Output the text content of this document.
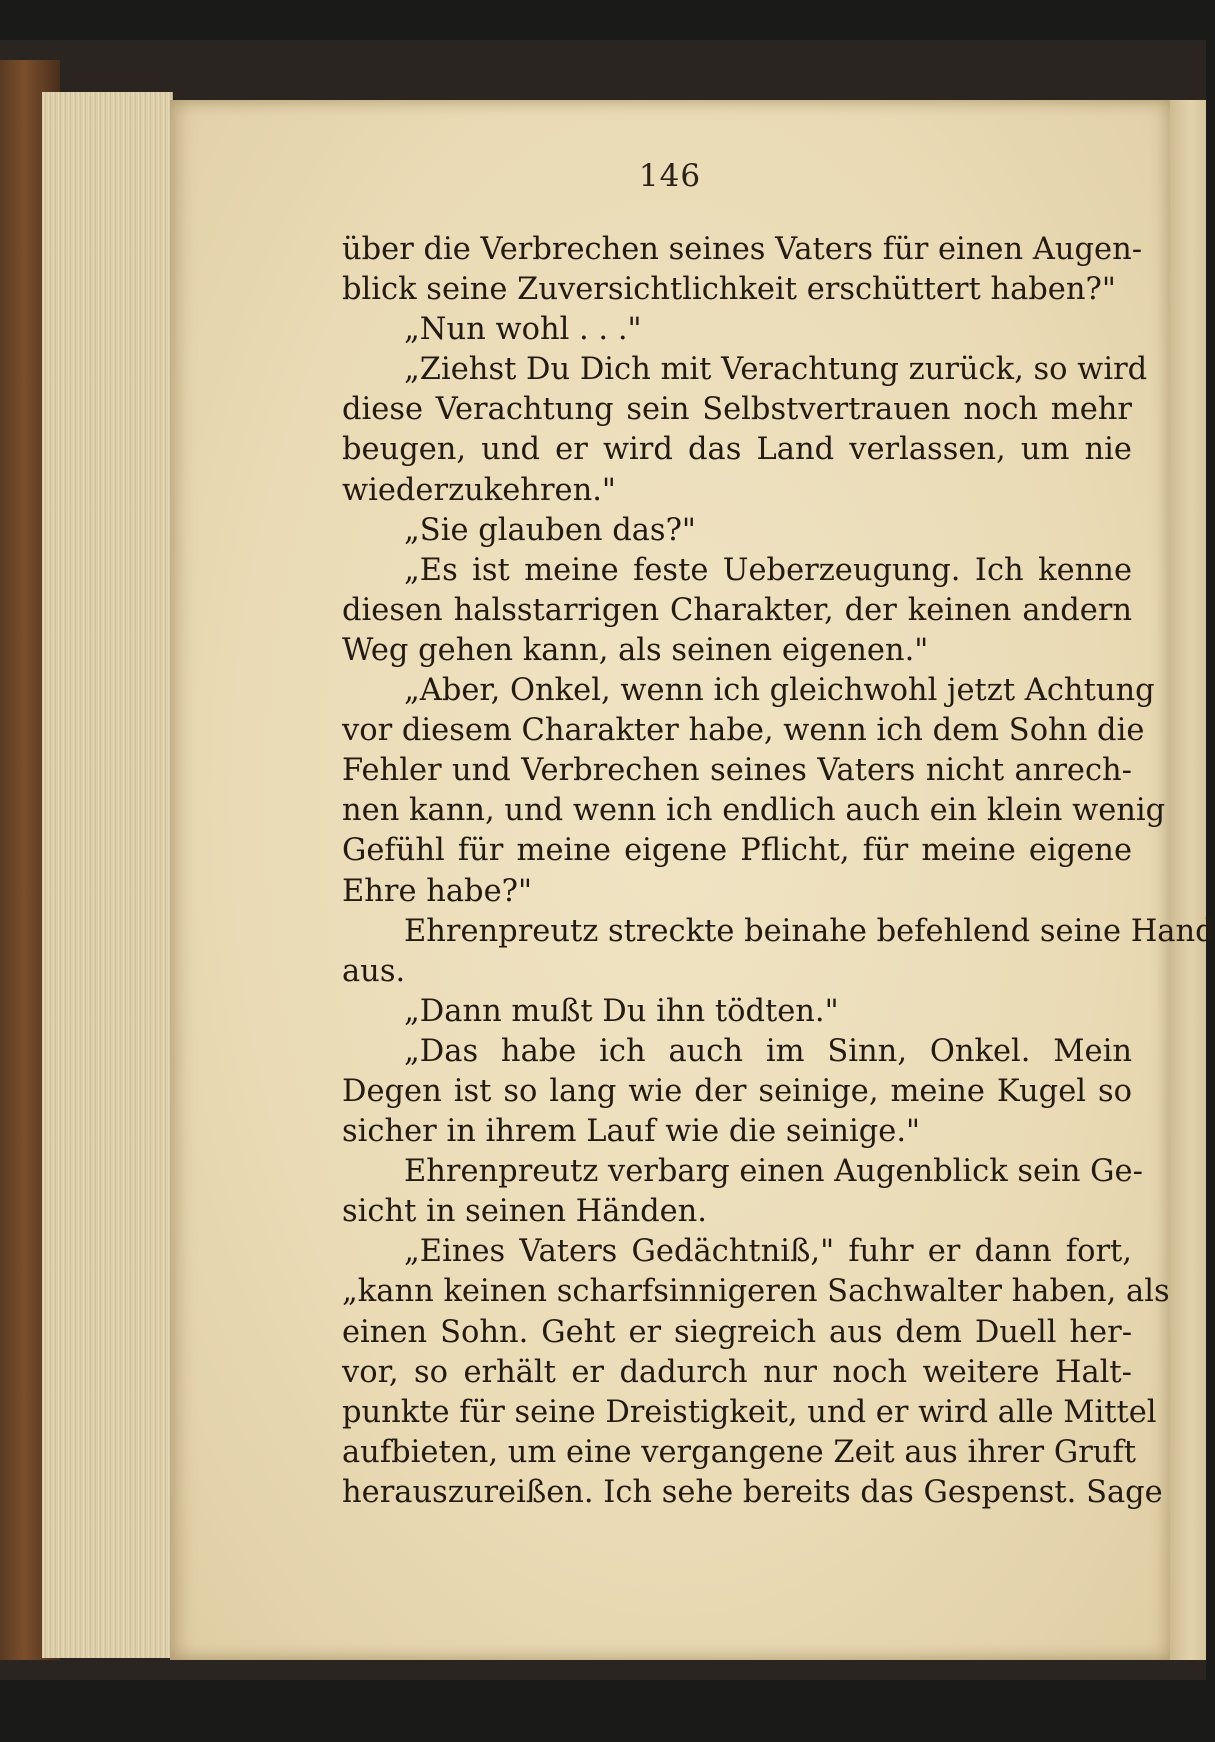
146
über die Verbrechen seines Vaters für einen Augen-
blick seine Zuversichtlichkeit erschüttert haben?"
„Nun wohl . . ."
„Ziehst Du Dich mit Verachtung zurück, so wird
diese Verachtung sein Selbstvertrauen noch mehr
beugen, und er wird das Land verlassen, um nie
wiederzukehren."
„Sie glauben das?"
„Es ist meine feste Ueberzeugung. Ich kenne
diesen halsstarrigen Charakter, der keinen andern
Weg gehen kann, als seinen eigenen."
„Aber, Onkel, wenn ich gleichwohl jetzt Achtung
vor diesem Charakter habe, wenn ich dem Sohn die
Fehler und Verbrechen seines Vaters nicht anrech-
nen kann, und wenn ich endlich auch ein klein wenig
Gefühl für meine eigene Pflicht, für meine eigene
Ehre habe?"
Ehrenpreutz streckte beinahe befehlend seine Hand
aus.
„Dann mußt Du ihn tödten."
„Das habe ich auch im Sinn, Onkel. Mein
Degen ist so lang wie der seinige, meine Kugel so
sicher in ihrem Lauf wie die seinige."
Ehrenpreutz verbarg einen Augenblick sein Ge-
sicht in seinen Händen.
„Eines Vaters Gedächtniß," fuhr er dann fort,
„kann keinen scharfsinnigeren Sachwalter haben, als
einen Sohn. Geht er siegreich aus dem Duell her-
vor, so erhält er dadurch nur noch weitere Halt-
punkte für seine Dreistigkeit, und er wird alle Mittel
aufbieten, um eine vergangene Zeit aus ihrer Gruft
herauszureißen. Ich sehe bereits das Gespenst. Sage
